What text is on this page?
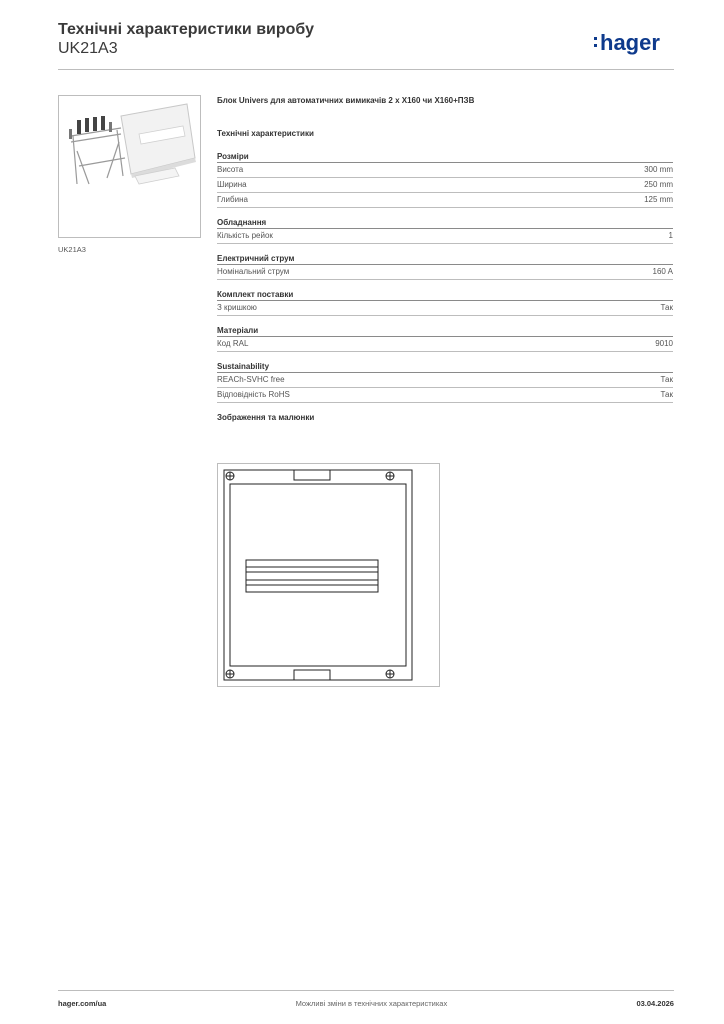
Технічні характеристики виробу
UK21A3	hager
UK21A3
Блок Univers для автоматичних вимикачів 2 x X160 чи X160+ПЗВ
Технічні характеристики
Розміри
Висота	300 mm
Ширина	250 mm
Глибина	125 mm
Обладнання
Кількість рейок	1
Електричний струм
Номінальний струм	160 A
Комплект поставки
З кришкою	Так
Матеріали
Код RAL	9010
Sustainability
REACh-SVHC free	Так
Відповідність RoHS	Так
Зображення та малюнки
hager.com/ua	Можливі зміни в технічних характеристиках	03.04.2026
